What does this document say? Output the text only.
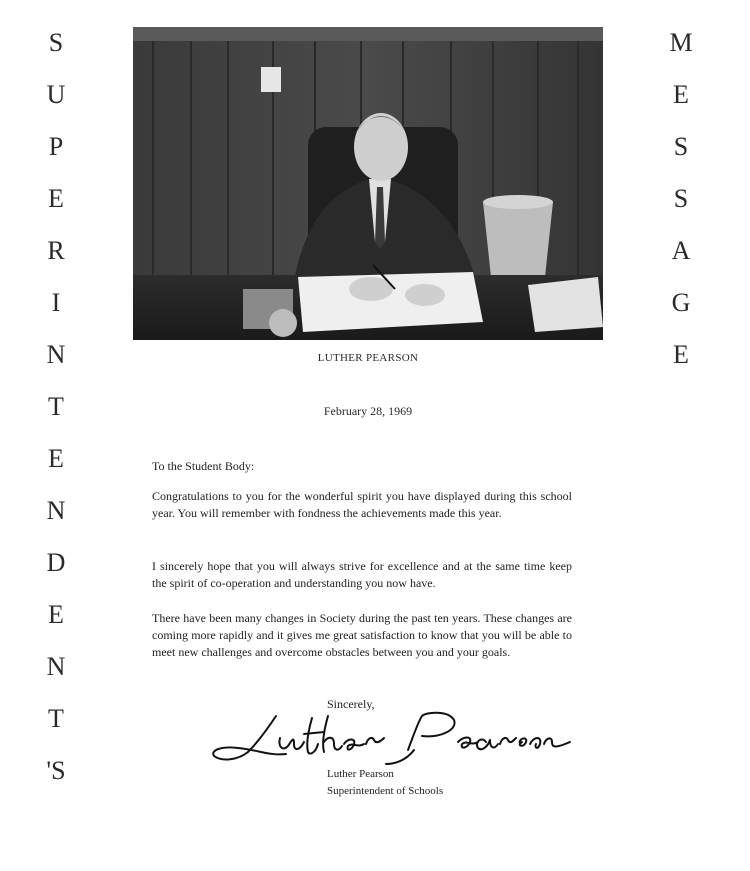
S
U
P
E
R
I
N
T
E
N
D
E
N
T
'S
M
E
S
S
A
G
E
LUTHER PEARSON
February 28, 1969
To the Student Body:
Congratulations to you for the wonderful spirit you have displayed during this school year. You will remember with fondness the achievements made this year.
I sincerely hope that you will always strive for excellence and at the same time keep the spirit of co-operation and understanding you now have.
There have been many changes in Society during the past ten years. These changes are coming more rapidly and it gives me great satisfaction to know that you will be able to meet new challenges and overcome obstacles between you and your goals.
Sincerely,
Luther Pearson
Superintendent of Schools
